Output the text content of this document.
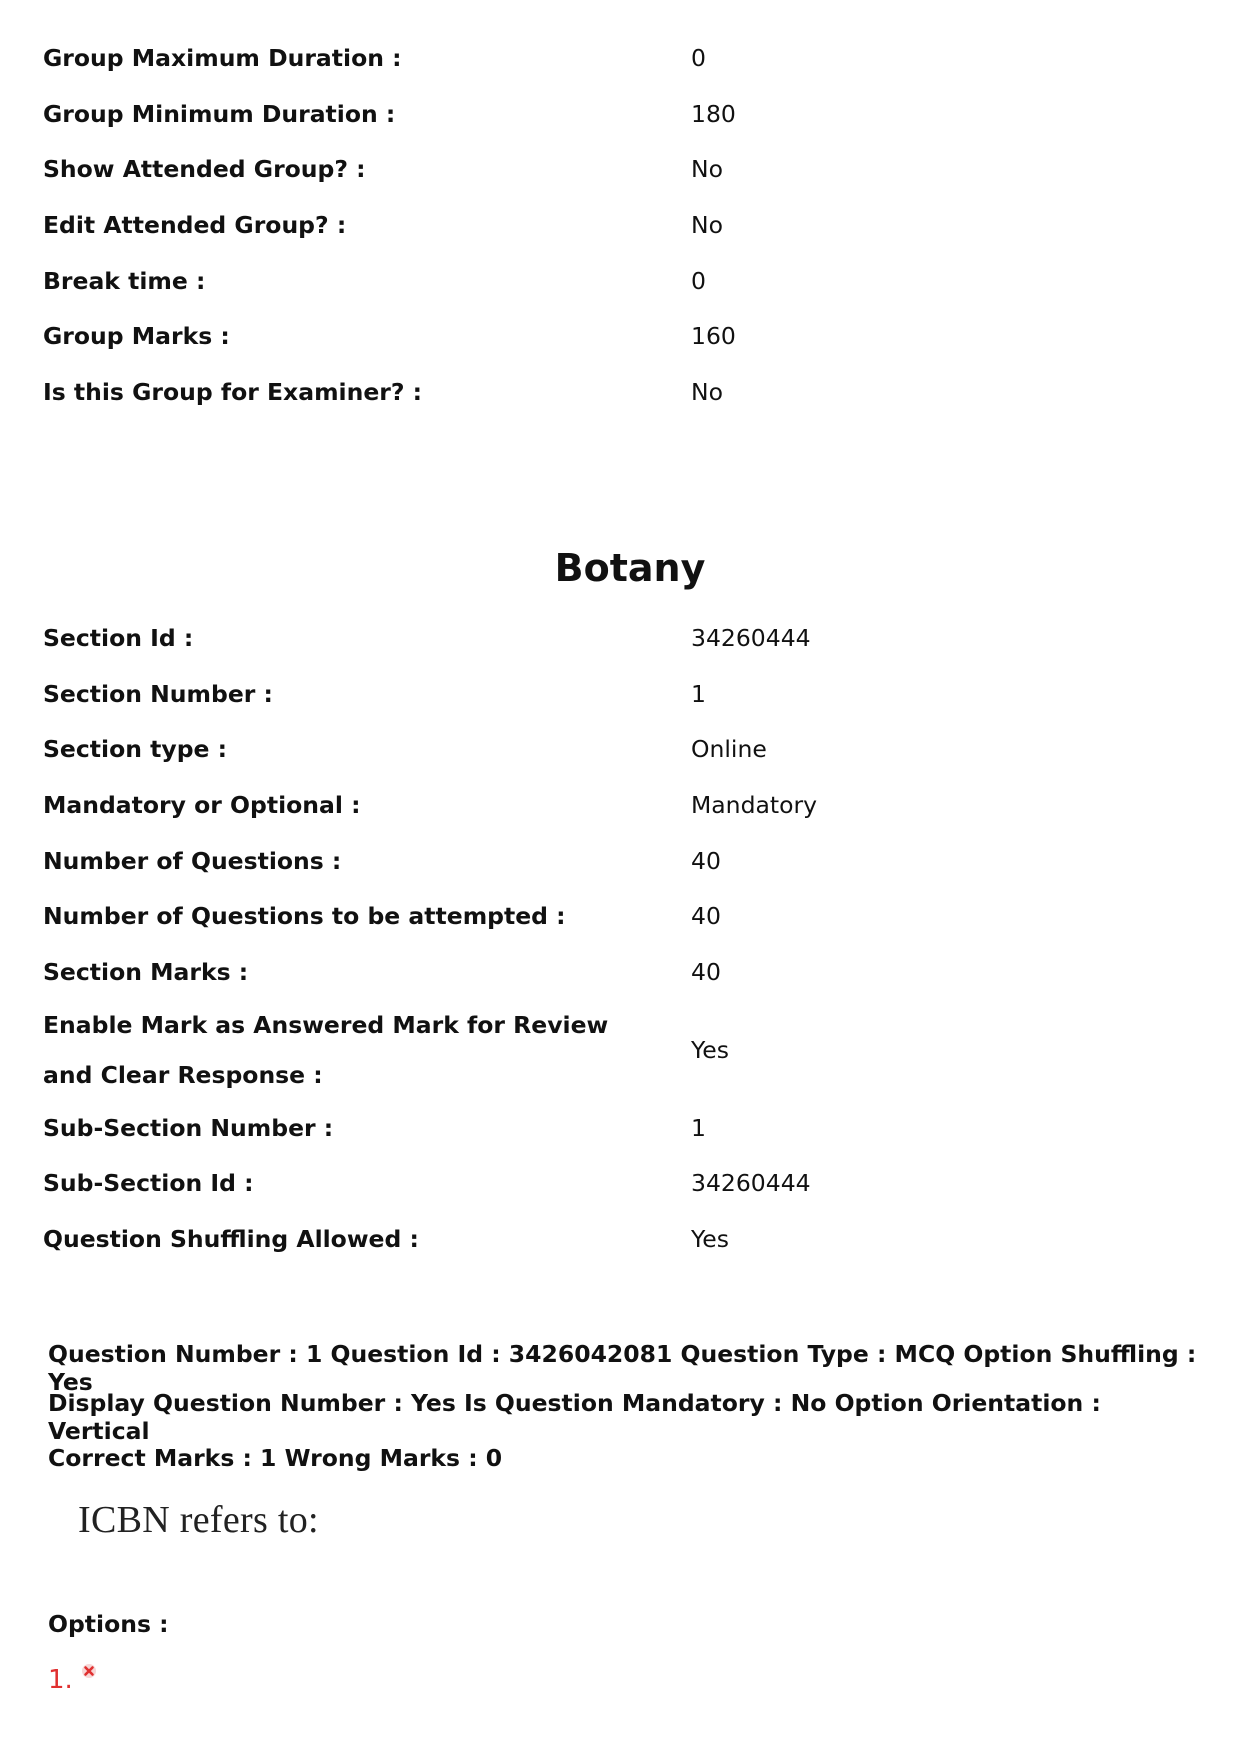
Group Maximum Duration :	0
Group Minimum Duration :	180
Show Attended Group? :	No
Edit Attended Group? :	No
Break time :	0
Group Marks :	160
Is this Group for Examiner? :	No
Botany
Section Id :	34260444
Section Number :	1
Section type :	Online
Mandatory or Optional :	Mandatory
Number of Questions :	40
Number of Questions to be attempted :	40
Section Marks :	40
Enable Mark as Answered Mark for Review and Clear Response :
Yes
Sub-Section Number :	1
Sub-Section Id :	34260444
Question Shuffling Allowed :	Yes
Question Number : 1 Question Id : 3426042081 Question Type : MCQ Option Shuffling : Yes
Display Question Number : Yes Is Question Mandatory : No Option Orientation : Vertical
Correct Marks : 1 Wrong Marks : 0
ICBN refers to:
Options :
1.
